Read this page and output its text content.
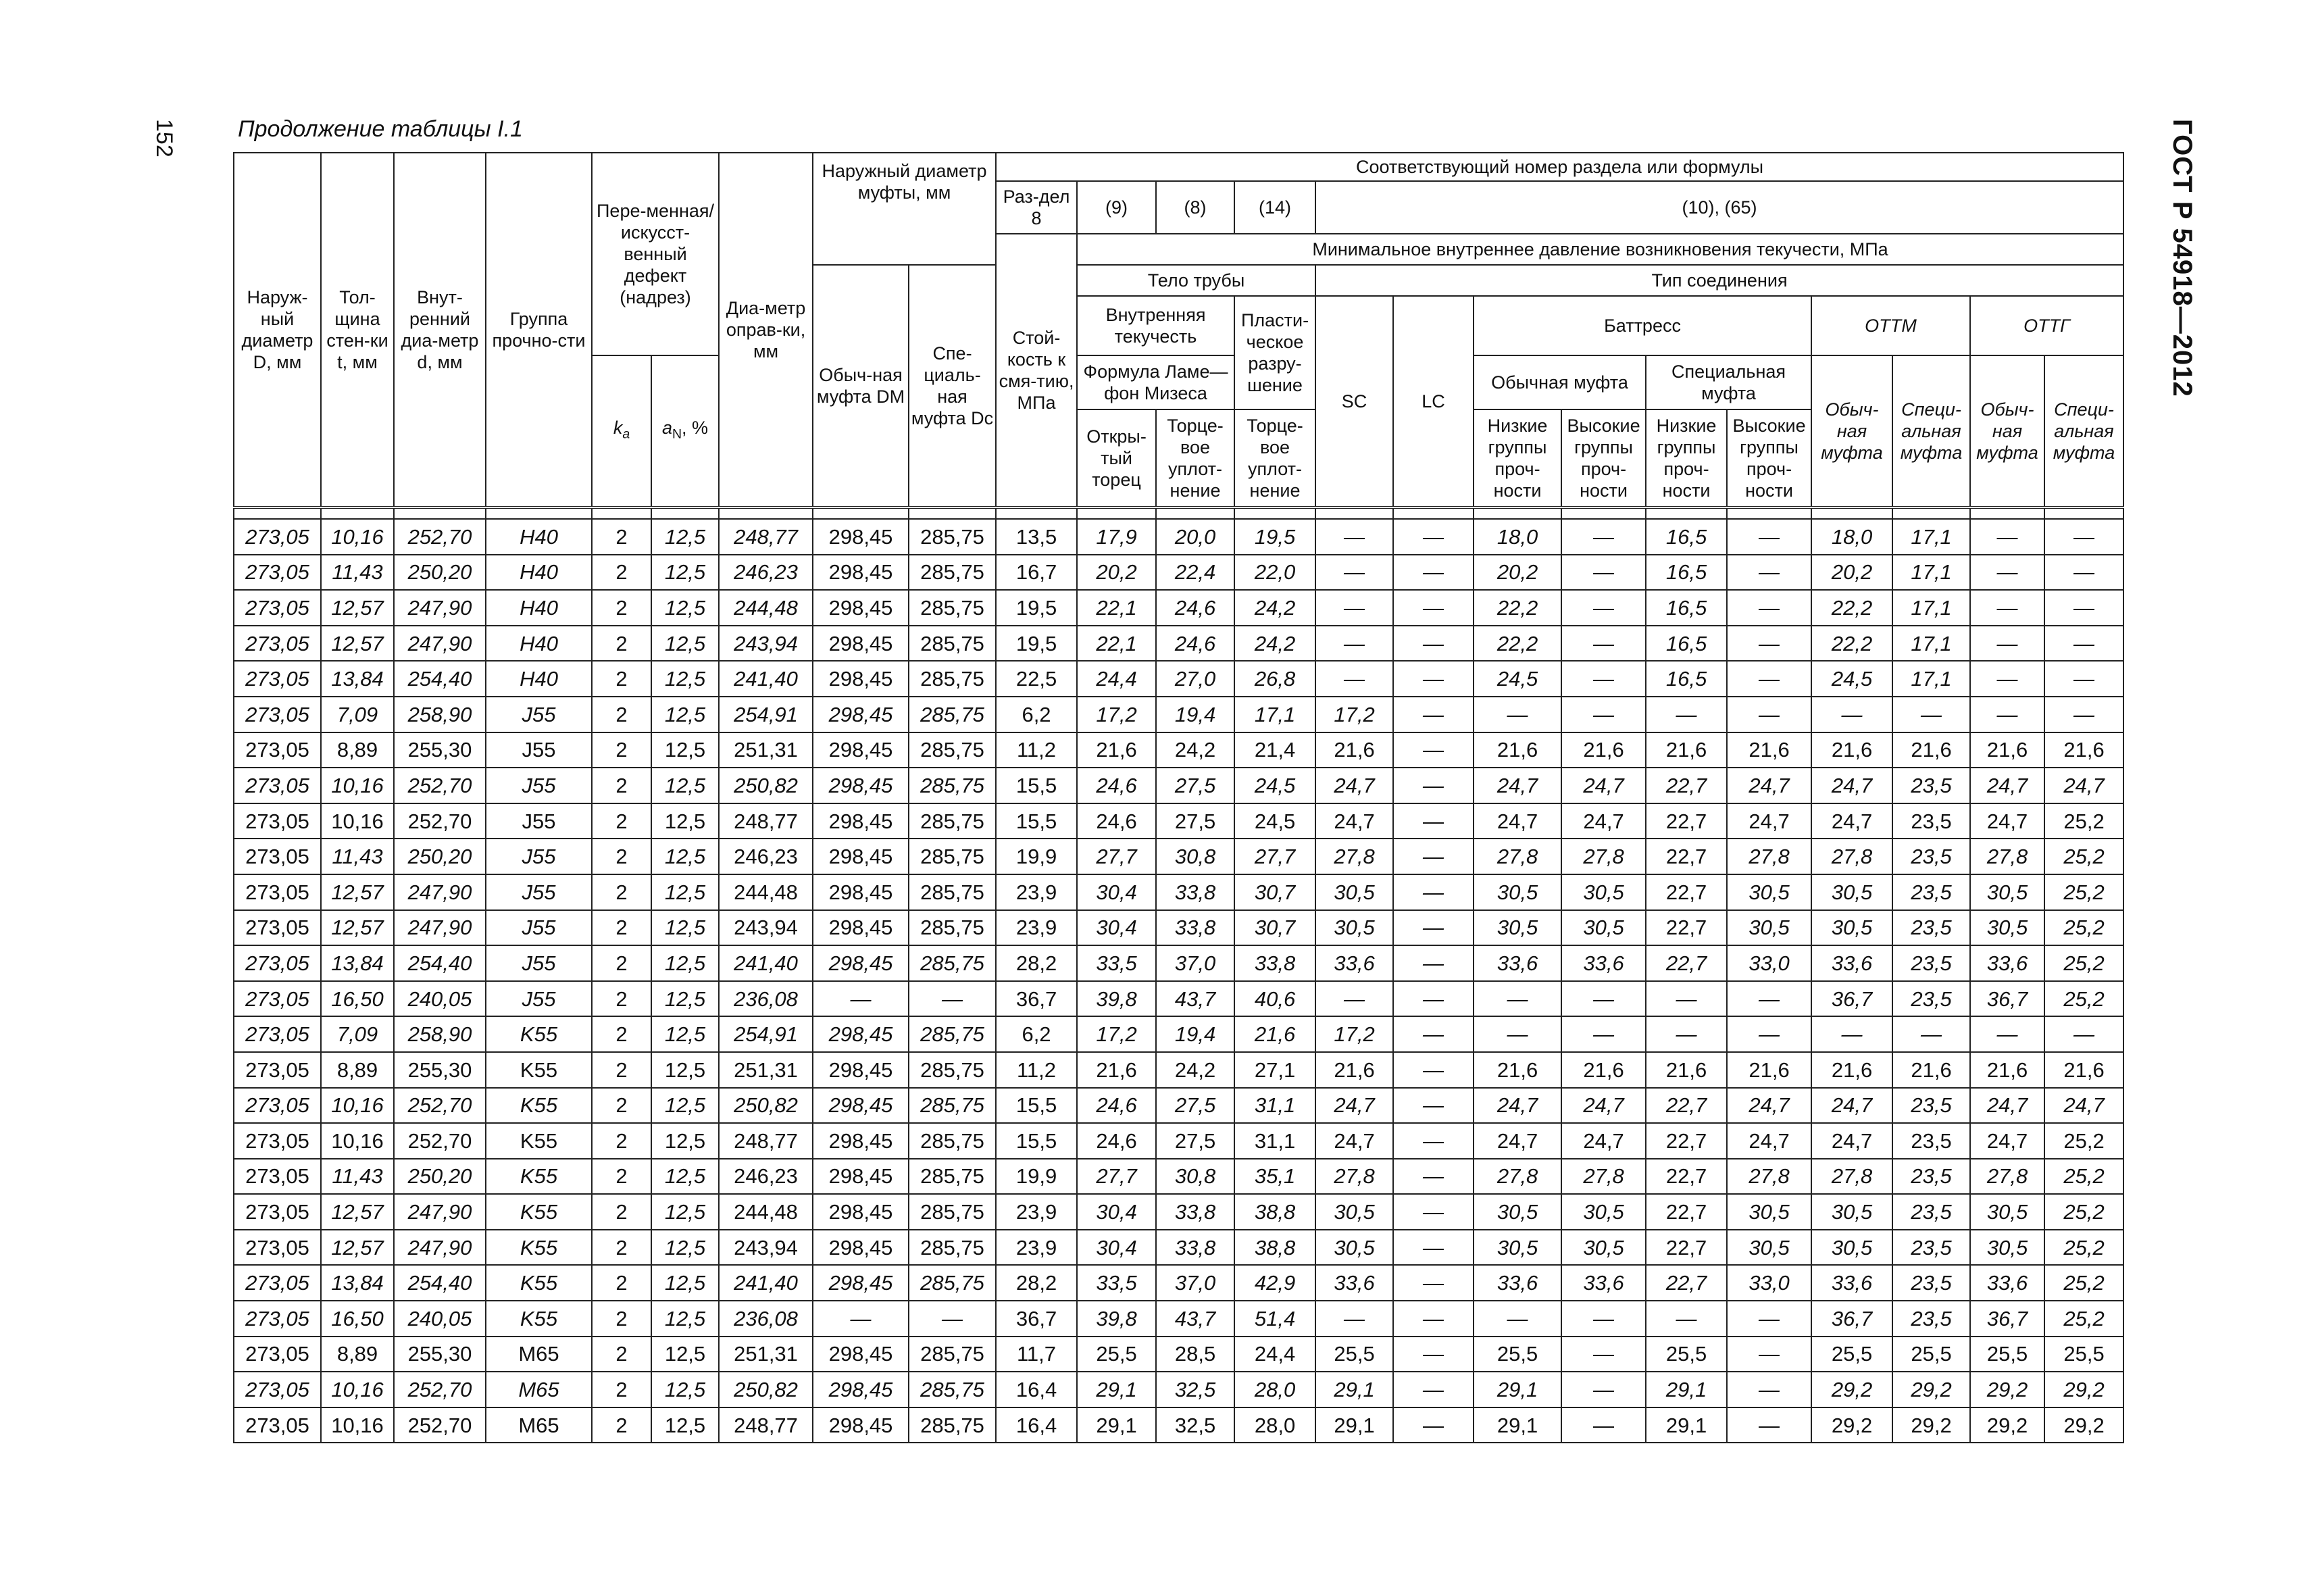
152	Продолжение таблицы I.1	ГОСТ Р 54918—2012
Наруж-ный диаметр D, мм	Тол-щина стен-ки t, мм	Внут-ренний диа-метр d, мм	Группа прочно-сти	Пере-менная/ искусст-венный дефект (надрез)		Диа-метр оправ-ки, мм	Наружный диаметр муфты, мм		Соответствующий номер раздела или формулы													
									Раз-дел 8	(9)	(8)	(14)	(10), (65)									
									Стой-кость к смя-тию, МПа	Минимальное внутреннее давление возникновения текучести, МПа												
							Обыч-ная муфта DМ	Спе-циаль-ная муфта Dc		Тело трубы			Тип соединения									
										Внутренняя текучесть		Пласти-ческое разру-шение	SC	LC	Баттресс				ОТТМ		ОТТГ	
				$k_a$	$a_N$, %					Формула Ламе—фон Мизеса					Обычная муфта		Специальная муфта		Обыч-ная муфта	Специ-альная муфта	Обыч-ная муфта	Специ-альная муфта

										Откры-тый торец	Торце-вое уплот-нение	Торце-вое уплот-нение			Низкие группы проч-ности	Высокие группы проч-ности	Низкие группы проч-ности	Высокие группы проч-ности				

273,05	10,16	252,70	H40	2	12,5	248,77	298,45	285,75	13,5	17,9	20,0	19,5	—	—	18,0	—	16,5	—	18,0	17,1	—	—
273,05	11,43	250,20	H40	2	12,5	246,23	298,45	285,75	16,7	20,2	22,4	22,0	—	—	20,2	—	16,5	—	20,2	17,1	—	—
273,05	12,57	247,90	H40	2	12,5	244,48	298,45	285,75	19,5	22,1	24,6	24,2	—	—	22,2	—	16,5	—	22,2	17,1	—	—
273,05	12,57	247,90	H40	2	12,5	243,94	298,45	285,75	19,5	22,1	24,6	24,2	—	—	22,2	—	16,5	—	22,2	17,1	—	—
273,05	13,84	254,40	H40	2	12,5	241,40	298,45	285,75	22,5	24,4	27,0	26,8	—	—	24,5	—	16,5	—	24,5	17,1	—	—
273,05	7,09	258,90	J55	2	12,5	254,91	298,45	285,75	6,2	17,2	19,4	17,1	17,2	—	—	—	—	—	—	—	—	—
273,05	8,89	255,30	J55	2	12,5	251,31	298,45	285,75	11,2	21,6	24,2	21,4	21,6	—	21,6	21,6	21,6	21,6	21,6	21,6	21,6	21,6
273,05	10,16	252,70	J55	2	12,5	250,82	298,45	285,75	15,5	24,6	27,5	24,5	24,7	—	24,7	24,7	22,7	24,7	24,7	23,5	24,7	24,7
273,05	10,16	252,70	J55	2	12,5	248,77	298,45	285,75	15,5	24,6	27,5	24,5	24,7	—	24,7	24,7	22,7	24,7	24,7	23,5	24,7	25,2
273,05	11,43	250,20	J55	2	12,5	246,23	298,45	285,75	19,9	27,7	30,8	27,7	27,8	—	27,8	27,8	22,7	27,8	27,8	23,5	27,8	25,2
273,05	12,57	247,90	J55	2	12,5	244,48	298,45	285,75	23,9	30,4	33,8	30,7	30,5	—	30,5	30,5	22,7	30,5	30,5	23,5	30,5	25,2
273,05	12,57	247,90	J55	2	12,5	243,94	298,45	285,75	23,9	30,4	33,8	30,7	30,5	—	30,5	30,5	22,7	30,5	30,5	23,5	30,5	25,2
273,05	13,84	254,40	J55	2	12,5	241,40	298,45	285,75	28,2	33,5	37,0	33,8	33,6	—	33,6	33,6	22,7	33,0	33,6	23,5	33,6	25,2
273,05	16,50	240,05	J55	2	12,5	236,08	—	—	36,7	39,8	43,7	40,6	—	—	—	—	—	—	36,7	23,5	36,7	25,2
273,05	7,09	258,90	K55	2	12,5	254,91	298,45	285,75	6,2	17,2	19,4	21,6	17,2	—	—	—	—	—	—	—	—	—
273,05	8,89	255,30	K55	2	12,5	251,31	298,45	285,75	11,2	21,6	24,2	27,1	21,6	—	21,6	21,6	21,6	21,6	21,6	21,6	21,6	21,6
273,05	10,16	252,70	K55	2	12,5	250,82	298,45	285,75	15,5	24,6	27,5	31,1	24,7	—	24,7	24,7	22,7	24,7	24,7	23,5	24,7	24,7
273,05	10,16	252,70	K55	2	12,5	248,77	298,45	285,75	15,5	24,6	27,5	31,1	24,7	—	24,7	24,7	22,7	24,7	24,7	23,5	24,7	25,2
273,05	11,43	250,20	K55	2	12,5	246,23	298,45	285,75	19,9	27,7	30,8	35,1	27,8	—	27,8	27,8	22,7	27,8	27,8	23,5	27,8	25,2
273,05	12,57	247,90	K55	2	12,5	244,48	298,45	285,75	23,9	30,4	33,8	38,8	30,5	—	30,5	30,5	22,7	30,5	30,5	23,5	30,5	25,2
273,05	12,57	247,90	K55	2	12,5	243,94	298,45	285,75	23,9	30,4	33,8	38,8	30,5	—	30,5	30,5	22,7	30,5	30,5	23,5	30,5	25,2
273,05	13,84	254,40	K55	2	12,5	241,40	298,45	285,75	28,2	33,5	37,0	42,9	33,6	—	33,6	33,6	22,7	33,0	33,6	23,5	33,6	25,2
273,05	16,50	240,05	K55	2	12,5	236,08	—	—	36,7	39,8	43,7	51,4	—	—	—	—	—	—	36,7	23,5	36,7	25,2
273,05	8,89	255,30	M65	2	12,5	251,31	298,45	285,75	11,7	25,5	28,5	24,4	25,5	—	25,5	—	25,5	—	25,5	25,5	25,5	25,5
273,05	10,16	252,70	M65	2	12,5	250,82	298,45	285,75	16,4	29,1	32,5	28,0	29,1	—	29,1	—	29,1	—	29,2	29,2	29,2	29,2
273,05	10,16	252,70	M65	2	12,5	248,77	298,45	285,75	16,4	29,1	32,5	28,0	29,1	—	29,1	—	29,1	—	29,2	29,2	29,2	29,2
